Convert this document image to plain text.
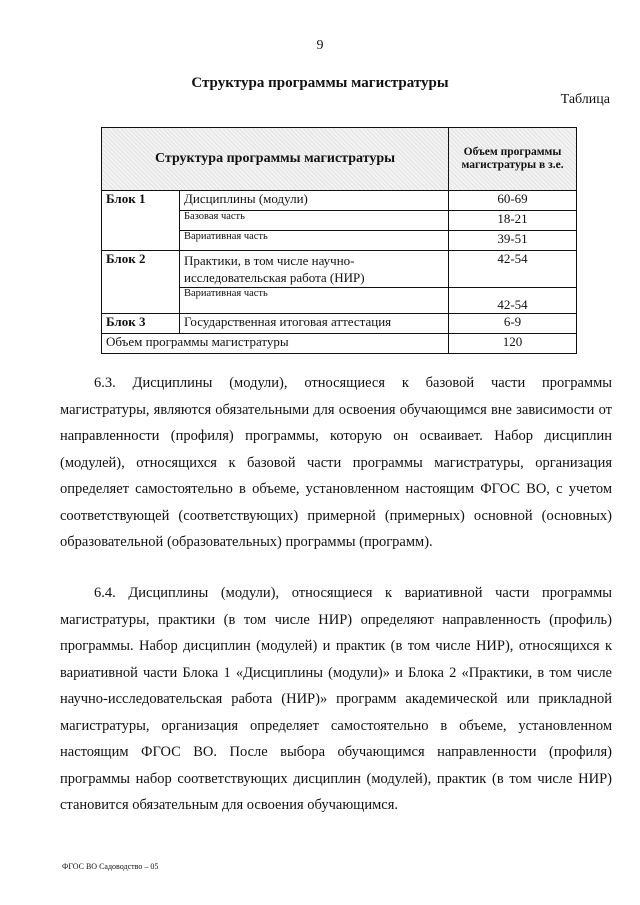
9
Структура программы магистратуры
Таблица
Структура программы магистратуры		Объем программы магистратуры в з.е.
Блок 1	Дисциплины (модули)	60-69
	Базовая часть	18-21
	Вариативная часть	39-51
Блок 2	Практики, в том числе научно-исследовательская работа (НИР)	42-54
	Вариативная часть	42-54
Блок 3	Государственная итоговая аттестация	6-9
Объем программы магистратуры		120

6.3. Дисциплины (модули), относящиеся к базовой части программы магистратуры, являются обязательными для освоения обучающимся вне зависимости от направленности (профиля) программы, которую он осваивает. Набор дисциплин (модулей), относящихся к базовой части программы магистратуры, организация определяет самостоятельно в объеме, установленном настоящим ФГОС ВО, с учетом соответствующей (соответствующих) примерной (примерных) основной (основных) образовательной (образовательных) программы (программ).

6.4. Дисциплины (модули), относящиеся к вариативной части программы магистратуры, практики (в том числе НИР) определяют направленность (профиль) программы. Набор дисциплин (модулей) и практик (в том числе НИР), относящихся к вариативной части Блока 1 «Дисциплины (модули)» и Блока 2 «Практики, в том числе научно-исследовательская работа (НИР)» программ академической или прикладной магистратуры, организация определяет самостоятельно в объеме, установленном настоящим ФГОС ВО. После выбора обучающимся направленности (профиля) программы набор соответствующих дисциплин (модулей), практик (в том числе НИР) становится обязательным для освоения обучающимся.

ФГОС ВО Садоводство – 05
